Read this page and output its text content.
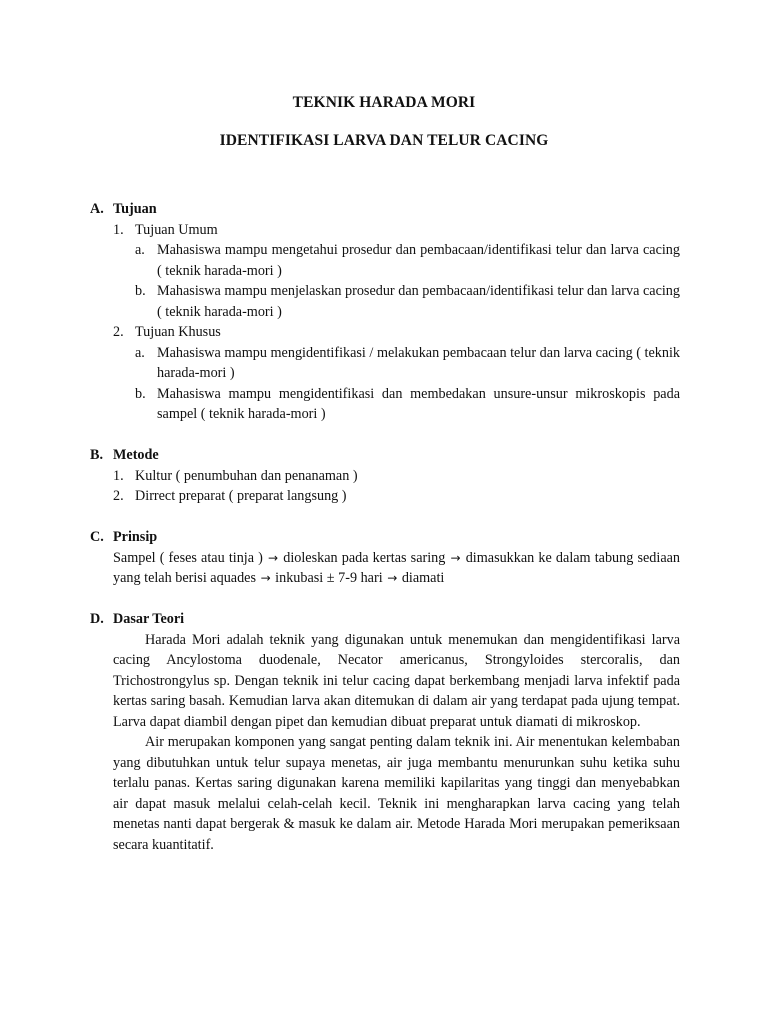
TEKNIK HARADA MORI
IDENTIFIKASI LARVA DAN TELUR CACING
A. Tujuan
1. Tujuan Umum
a. Mahasiswa mampu mengetahui prosedur dan pembacaan/identifikasi telur dan larva cacing ( teknik harada-mori )
b. Mahasiswa mampu menjelaskan prosedur dan pembacaan/identifikasi telur dan larva cacing ( teknik harada-mori )
2. Tujuan Khusus
a. Mahasiswa mampu mengidentifikasi / melakukan pembacaan telur dan larva cacing ( teknik harada-mori )
b. Mahasiswa mampu mengidentifikasi dan membedakan unsure-unsur mikroskopis pada sampel ( teknik harada-mori )
B. Metode
1. Kultur ( penumbuhan dan penanaman )
2. Dirrect preparat ( preparat langsung )
C. Prinsip
Sampel ( feses atau tinja ) → dioleskan pada kertas saring → dimasukkan ke dalam tabung sediaan yang telah berisi aquades → inkubasi ± 7-9 hari → diamati
D. Dasar Teori
Harada Mori adalah teknik yang digunakan untuk menemukan dan mengidentifikasi larva cacing Ancylostoma duodenale, Necator americanus, Strongyloides stercoralis, dan Trichostrongylus sp. Dengan teknik ini telur cacing dapat berkembang menjadi larva infektif pada kertas saring basah. Kemudian larva akan ditemukan di dalam air yang terdapat pada ujung tempat. Larva dapat diambil dengan pipet dan kemudian dibuat preparat untuk diamati di mikroskop.
Air merupakan komponen yang sangat penting dalam teknik ini. Air menentukan kelembaban yang dibutuhkan untuk telur supaya menetas, air juga membantu menurunkan suhu ketika suhu terlalu panas. Kertas saring digunakan karena memiliki kapilaritas yang tinggi dan menyebabkan air dapat masuk melalui celah-celah kecil. Teknik ini mengharapkan larva cacing yang telah menetas nanti dapat bergerak & masuk ke dalam air. Metode Harada Mori merupakan pemeriksaan secara kuantitatif.
